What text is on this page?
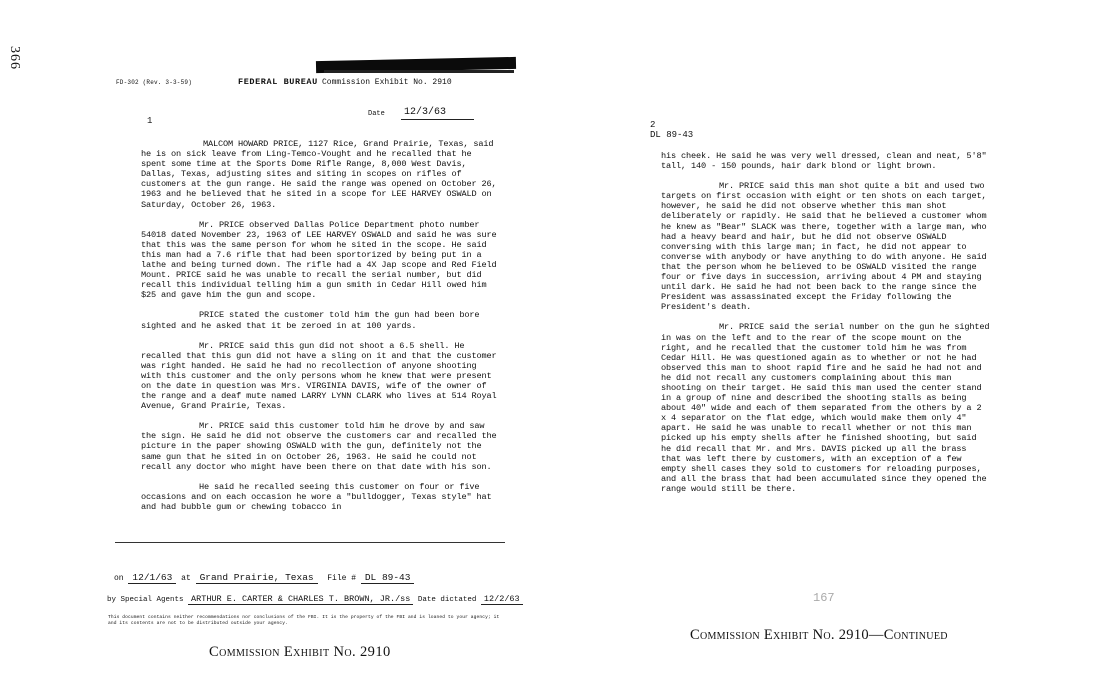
366
FD-302 (Rev. 3-3-59)	FEDERAL BUREAU Commission Exhibit No. 2910
Date 12/3/63
1

MALCOM HOWARD PRICE, 1127 Rice, Grand Prairie, Texas, said he is on sick leave from Ling-Temco-Vought and he recalled that he spent some time at the Sports Dome Rifle Range, 8,000 West Davis, Dallas, Texas, adjusting sites and siting in scopes on rifles of customers at the gun range. He said the range was opened on October 26, 1963 and he believed that he sited in a scope for LEE HARVEY OSWALD on Saturday, October 26, 1963.

Mr. PRICE observed Dallas Police Department photo number 54018 dated November 23, 1963 of LEE HARVEY OSWALD and said he was sure that this was the same person for whom he sited in the scope. He said this man had a 7.6 rifle that had been sportorized by being put in a lathe and being turned down. The rifle had a 4X Jap scope and Red Field Mount. PRICE said he was unable to recall the serial number, but did recall this individual telling him a gun smith in Cedar Hill owed him $25 and gave him the gun and scope.

PRICE stated the customer told him the gun had been bore sighted and he asked that it be zeroed in at 100 yards.

Mr. PRICE said this gun did not shoot a 6.5 shell. He recalled that this gun did not have a sling on it and that the customer was right handed. He said he had no recollection of anyone shooting with this customer and the only persons whom he knew that were present on the date in question was Mrs. VIRGINIA DAVIS, wife of the owner of the range and a deaf mute named LARRY LYNN CLARK who lives at 514 Royal Avenue, Grand Prairie, Texas.

Mr. PRICE said this customer told him he drove by and saw the sign. He said he did not observe the customers car and recalled the picture in the paper showing OSWALD with the gun, definitely not the same gun that he sited in on October 26, 1963. He said he could not recall any doctor who might have been there on that date with his son.

He said he recalled seeing this customer on four or five occasions and on each occasion he wore a "bulldogger, Texas style" hat and had bubble gum or chewing tobacco in

on 12/1/63 at Grand Prairie, Texas File # DL 89-43
by Special Agents ARTHUR E. CARTER & CHARLES T. BROWN, JR./ss Date dictated 12/2/63
This document contains neither recommendations nor conclusions of the FBI. It is the property of the FBI and is loaned to your agency; it and its contents are not to be distributed outside your agency.
Commission Exhibit No. 2910
2
DL 89-43

his cheek. He said he was very well dressed, clean and neat, 5'8" tall, 140 - 150 pounds, hair dark blond or light brown.

Mr. PRICE said this man shot quite a bit and used two targets on first occasion with eight or ten shots on each target, however, he said he did not observe whether this man shot deliberately or rapidly. He said that he believed a customer whom he knew as "Bear" SLACK was there, together with a large man, who had a heavy beard and hair, but he did not observe OSWALD conversing with this large man; in fact, he did not appear to converse with anybody or have anything to do with anyone. He said that the person whom he believed to be OSWALD visited the range four or five days in succession, arriving about 4 PM and staying until dark. He said he had not been back to the range since the President was assassinated except the Friday following the President's death.

Mr. PRICE said the serial number on the gun he sighted in was on the left and to the rear of the scope mount on the right, and he recalled that the customer told him he was from Cedar Hill. He was questioned again as to whether or not he had observed this man to shoot rapid fire and he said he had not and he did not recall any customers complaining about this man shooting on their target. He said this man used the center stand in a group of nine and described the shooting stalls as being about 40" wide and each of them separated from the others by a 2 x 4 separator on the flat edge, which would make them only 4" apart. He said he was unable to recall whether or not this man picked up his empty shells after he finished shooting, but said he did recall that Mr. and Mrs. DAVIS picked up all the brass that was left there by customers, with an exception of a few empty shell cases they sold to customers for reloading purposes, and all the brass that had been accumulated since they opened the range would still be there.

167
Commission Exhibit No. 2910—Continued
